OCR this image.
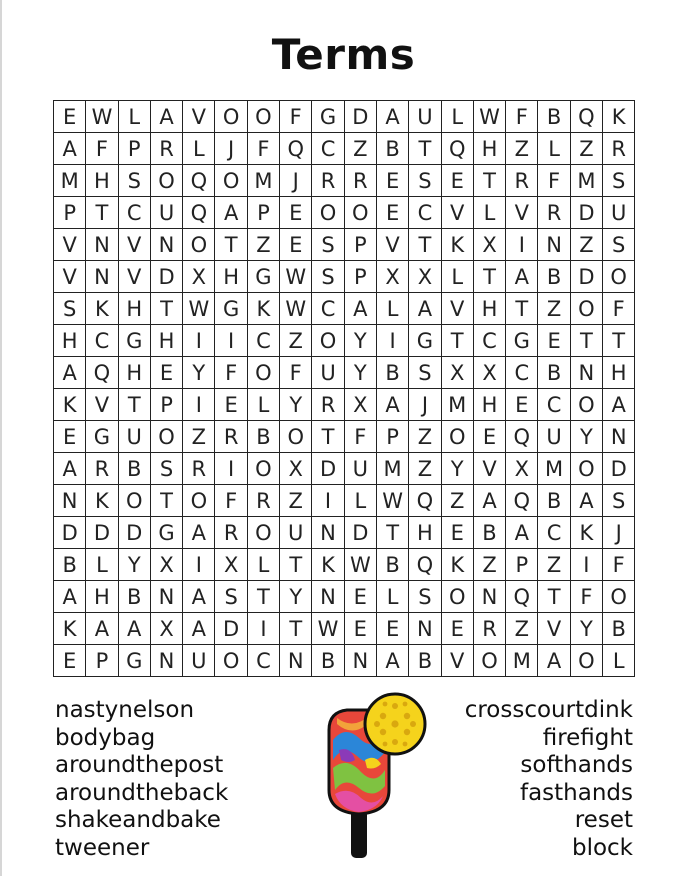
Terms
E W L A V O O F G D A U L W F B Q K
A F P R L	J	F Q C Z B T Q H Z L Z R
M H S O Q O M J	R R E S E T R F M S
P T C U Q A P E O O E C V L V R D U
V N V N O T Z E S P V T K X	I	N Z S
V N V D X H G W S P X X L T A B D O
S K H T W G K W C A L A V H T Z O F
H C G H	I	I	C Z O Y	I	G T C G E T T
A Q H E Y F O F U Y B S X X C B N H
K V T P	I	E L Y R X A	J M H E C O A
E G U O Z R B O T F P Z O E Q U Y N
A R B S R	I O X D U M Z Y V X M O D
N K O T O F R Z	I	L W Q Z A Q B A S
D D D G A R O U N D T H E B A C K	J
B L Y X	I	X L T K W B Q K Z P Z	I	F
A H B N A S T Y N E L S O N Q T F O
K A A X A D	I	T W E E N E R Z V Y B
E P G N U O C N B N A B V O M A O L
nastynelson
bodybag
aroundthepost
aroundtheback
shakeandbake
tweener
crosscourtdink
firefight
softhands
fasthands
reset
block
